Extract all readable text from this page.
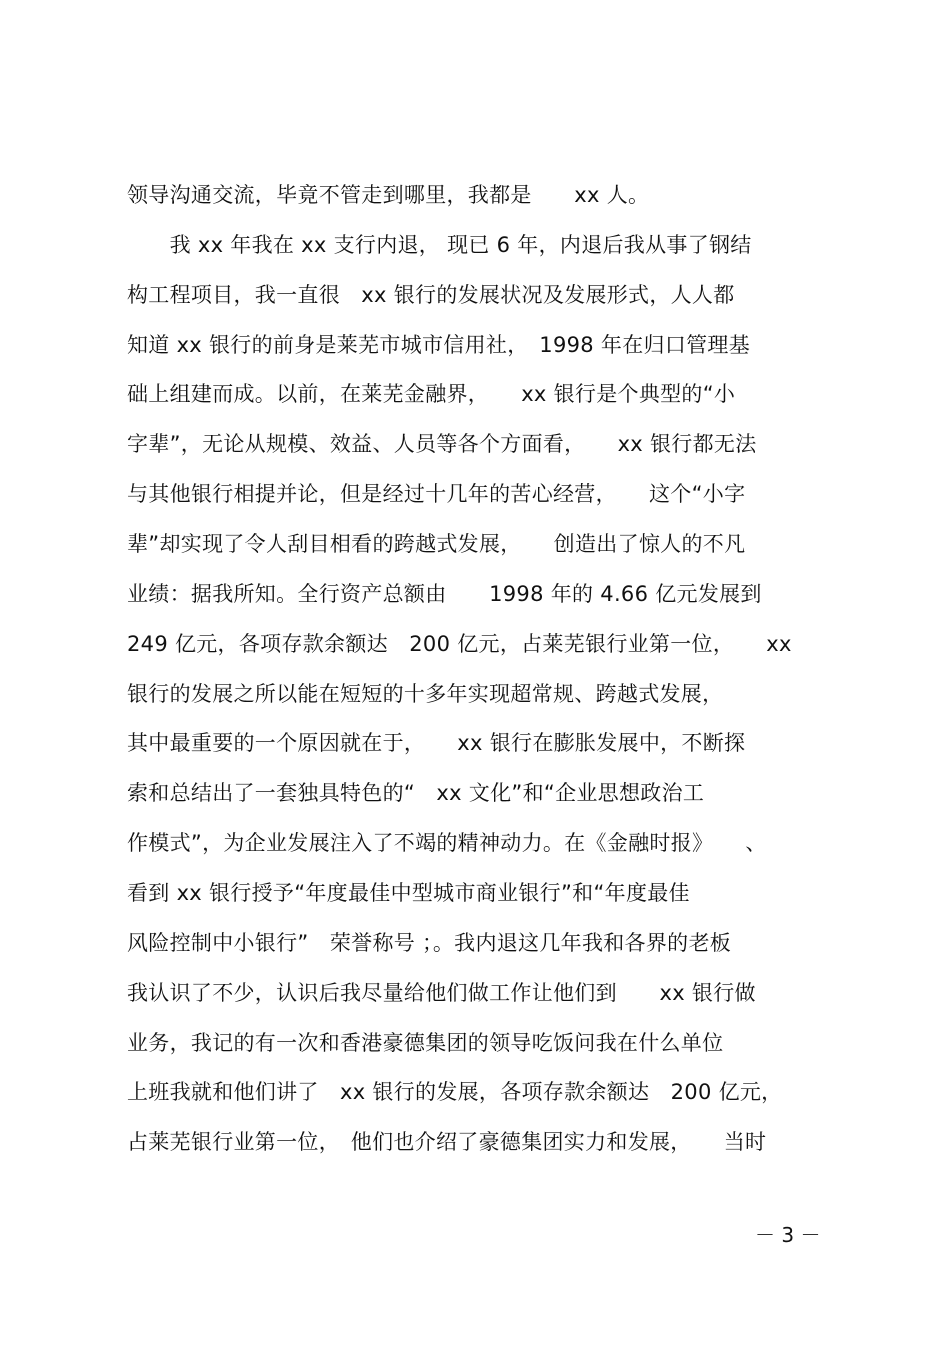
领导沟通交流，毕竟不管走到哪里，我都是　　xx 人。
　　我 xx 年我在 xx 支行内退， 现已 6 年，内退后我从事了钢结
构工程项目，我一直很　xx 银行的发展状况及发展形式，人人都
知道 xx 银行的前身是莱芜市城市信用社，　1998 年在归口管理基
础上组建而成。以前，在莱芜金融界，　　xx 银行是个典型的“小
字辈”，无论从规模、效益、人员等各个方面看，　　xx 银行都无法
与其他银行相提并论，但是经过十几年的苦心经营，　　这个“小字
辈”却实现了令人刮目相看的跨越式发展，　　创造出了惊人的不凡
业绩：据我所知。全行资产总额由　　1998 年的 4.66 亿元发展到
249 亿元，各项存款余额达　200 亿元，占莱芜银行业第一位，　　xx
银行的发展之所以能在短短的十多年实现超常规、跨越式发展，
其中最重要的一个原因就在于，　　xx 银行在膨胀发展中，不断探
索和总结出了一套独具特色的“　xx 文化”和“企业思想政治工
作模式”，为企业发展注入了不竭的精神动力。在《金融时报》　　、
看到 xx 银行授予“年度最佳中型城市商业银行”和“年度最佳
风险控制中小银行”　荣誉称号 ；。我内退这几年我和各界的老板
我认识了不少，认识后我尽量给他们做工作让他们到　　xx 银行做
业务，我记的有一次和香港豪德集团的领导吃饭问我在什么单位
上班我就和他们讲了　xx 银行的发展，各项存款余额达　200 亿元，
占莱芜银行业第一位，　他们也介绍了豪德集团实力和发展，　　当时
－ 3 －
